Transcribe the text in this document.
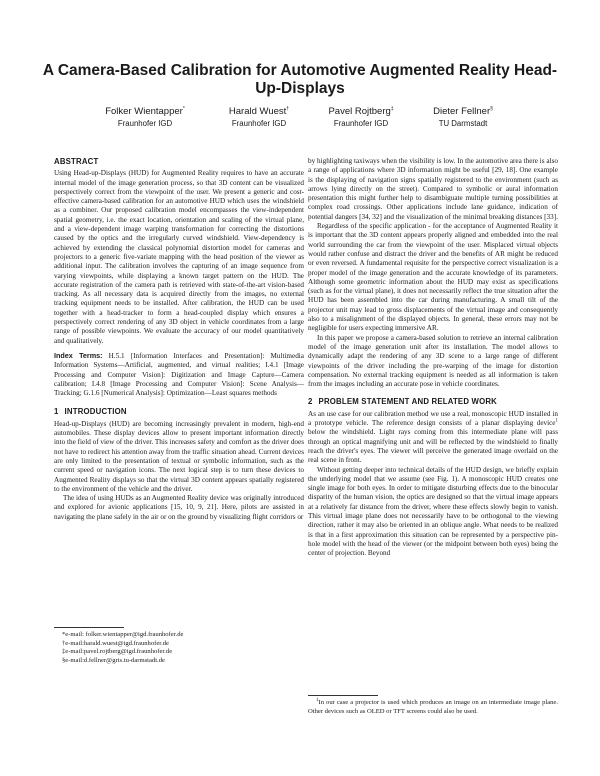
A Camera-Based Calibration for Automotive Augmented Reality Head-Up-Displays
Folker Wientapper*
Fraunhofer IGD
Harald Wuest†
Fraunhofer IGD
Pavel Rojtberg‡
Fraunhofer IGD
Dieter Fellner§
TU Darmstadt
ABSTRACT

Using Head-up-Displays (HUD) for Augmented Reality requires to have an accurate internal model of the image generation process, so that 3D content can be visualized perspectively correct from the viewpoint of the user. We present a generic and cost-effective camera-based calibration for an automotive HUD which uses the windshield as a combiner. Our proposed calibration model encompasses the view-independent spatial geometry, i.e. the exact location, orientation and scaling of the virtual plane, and a view-dependent image warping transformation for correcting the distortions caused by the optics and the irregularly curved windshield. View-dependency is achieved by extending the classical polynomial distortion model for cameras and projectors to a generic five-variate mapping with the head position of the viewer as additional input. The calibration involves the capturing of an image sequence from varying viewpoints, while displaying a known target pattern on the HUD. The accurate registration of the camera path is retrieved with state-of-the-art vision-based tracking. As all necessary data is acquired directly from the images, no external tracking equipment needs to be installed. After calibration, the HUD can be used together with a head-tracker to form a head-coupled display which ensures a perspectively correct rendering of any 3D object in vehicle coordinates from a large range of possible viewpoints. We evaluate the accuracy of our model quantitatively and qualitatively.

Index Terms: H.5.1 [Information Interfaces and Presentation]: Multimedia Information Systems—Artificial, augmented, and virtual realities; I.4.1 [Image Processing and Computer Vision]: Digitization and Image Capture—Camera calibration; I.4.8 [Image Processing and Computer Vision]: Scene Analysis—Tracking; G.1.6 [Numerical Analysis]: Optimization—Least squares methods

1 INTRODUCTION

Head-up-Displays (HUD) are becoming increasingly prevalent in modern, high-end automobiles. These display devices allow to present important information directly into the field of view of the driver. This increases safety and comfort as the driver does not have to redirect his attention away from the traffic situation ahead. Current devices are only limited to the presentation of textual or symbolic information, such as the current speed or navigation icons. The next logical step is to turn these devices to Augmented Reality displays so that the virtual 3D content appears spatially registered to the environment of the vehicle and the driver.

The idea of using HUDs as an Augmented Reality device was originally introduced and explored for avionic applications [15, 10, 9, 21]. Here, pilots are assisted in navigating the plane safely in the air or on the ground by visualizing flight corridors or

*e-mail: folker.wientapper@igd.fraunhofer.de
†e-mail:harald.wuest@igd.fraunhofer.de
‡e-mail:pavel.rojtberg@igd.fraunhofer.de
§e-mail:d.fellner@gris.tu-darmstadt.de

by highlighting taxiways when the visibility is low. In the automotive area there is also a range of applications where 3D information might be useful [29, 18]. One example is the displaying of navigation signs spatially registered to the environment (such as arrows lying directly on the street). Compared to symbolic or aural information presentation this might further help to disambiguate multiple turning possibilities at complex road crossings. Other applications include lane guidance, indication of potential dangers [34, 32] and the visualization of the minimal breaking distances [33].

Regardless of the specific application - for the acceptance of Augmented Reality it is important that the 3D content appears properly aligned and embedded into the real world surrounding the car from the viewpoint of the user. Misplaced virtual objects would rather confuse and distract the driver and the benefits of AR might be reduced or even reversed. A fundamental requisite for the perspective correct visualization is a proper model of the image generation and the accurate knowledge of its parameters. Although some geometric information about the HUD may exist as specifications (such as for the virtual plane), it does not necessarily reflect the true situation after the HUD has been assembled into the car during manufacturing. A small tilt of the projector unit may lead to gross displacements of the virtual image and consequently also to a misalignment of the displayed objects. In general, these errors may not be negligible for users expecting immersive AR.

In this paper we propose a camera-based solution to retrieve an internal calibration model of the image generation unit after its installation. The model allows to dynamically adapt the rendering of any 3D scene to a large range of different viewpoints of the driver including the pre-warping of the image for distortion compensation. No external tracking equipment is needed as all information is taken from the images including an accurate pose in vehicle coordinates.

2 PROBLEM STATEMENT AND RELATED WORK

As an use case for our calibration method we use a real, monoscopic HUD installed in a prototype vehicle. The reference design consists of a planar displaying device$^1$ below the windshield. Light rays coming from this intermediate plane will pass through an optical magnifying unit and will be reflected by the windshield to finally reach the driver's eyes. The viewer will perceive the generated image overlaid on the real scene in front.

Without getting deeper into technical details of the HUD design, we briefly explain the underlying model that we assume (see Fig. 1). A monoscopic HUD creates one single image for both eyes. In order to mitigate disturbing effects due to the binocular disparity of the human vision, the optics are designed so that the virtual image appears at a relatively far distance from the driver, where these effects slowly begin to vanish. This virtual image plane does not necessarily have to be orthogonal to the viewing direction, rather it may also be oriented in an oblique angle. What needs to be realized is that in a first approximation this situation can be represented by a perspective pin-hole model with the head of the viewer (or the midpoint between both eyes) being the center of projection. Beyond

$^1$In our case a projector is used which produces an image on an intermediate image plane. Other devices such as OLED or TFT screens could also be used.
